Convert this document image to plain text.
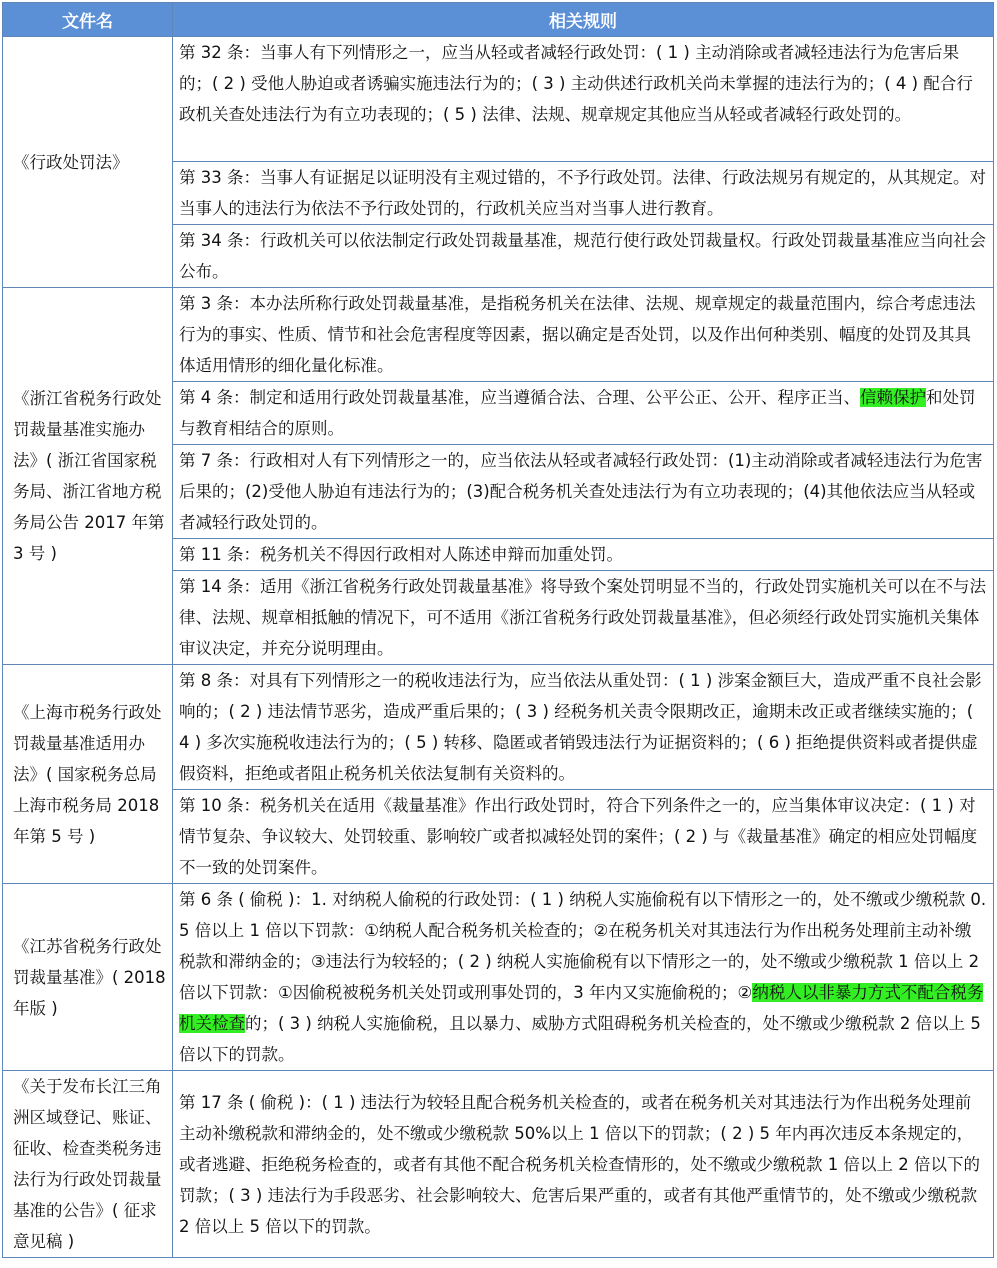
文件名	相关规则
《行政处罚法》	第 32 条：当事人有下列情形之一，应当从轻或者减轻行政处罚：( 1 ) 主动消除或者减轻违法行为危害后果的；( 2 ) 受他人胁迫或者诱骗实施违法行为的；( 3 ) 主动供述行政机关尚未掌握的违法行为的；( 4 ) 配合行政机关查处违法行为有立功表现的；( 5 ) 法律、法规、规章规定其他应当从轻或者减轻行政处罚的。
	第 33 条：当事人有证据足以证明没有主观过错的，不予行政处罚。法律、行政法规另有规定的，从其规定。对当事人的违法行为依法不予行政处罚的，行政机关应当对当事人进行教育。
	第 34 条：行政机关可以依法制定行政处罚裁量基准，规范行使行政处罚裁量权。行政处罚裁量基准应当向社会公布。
《浙江省税务行政处罚裁量基准实施办法》( 浙江省国家税务局、浙江省地方税务局公告 2017 年第 3 号 )	第 3 条：本办法所称行政处罚裁量基准，是指税务机关在法律、法规、规章规定的裁量范围内，综合考虑违法行为的事实、性质、情节和社会危害程度等因素，据以确定是否处罚，以及作出何种类别、幅度的处罚及其具体适用情形的细化量化标准。
	第 4 条：制定和适用行政处罚裁量基准，应当遵循合法、合理、公平公正、公开、程序正当、信赖保护和处罚与教育相结合的原则。
	第 7 条：行政相对人有下列情形之一的，应当依法从轻或者减轻行政处罚：(1)主动消除或者减轻违法行为危害后果的；(2)受他人胁迫有违法行为的；(3)配合税务机关查处违法行为有立功表现的；(4)其他依法应当从轻或者减轻行政处罚的。
	第 11 条：税务机关不得因行政相对人陈述申辩而加重处罚。
	第 14 条：适用《浙江省税务行政处罚裁量基准》将导致个案处罚明显不当的，行政处罚实施机关可以在不与法律、法规、规章相抵触的情况下，可不适用《浙江省税务行政处罚裁量基准》，但必须经行政处罚实施机关集体审议决定，并充分说明理由。
《上海市税务行政处罚裁量基准适用办法》( 国家税务总局上海市税务局 2018 年第 5 号 )	第 8 条：对具有下列情形之一的税收违法行为，应当依法从重处罚：( 1 ) 涉案金额巨大，造成严重不良社会影响的；( 2 ) 违法情节恶劣，造成严重后果的；( 3 ) 经税务机关责令限期改正，逾期未改正或者继续实施的；( 4 ) 多次实施税收违法行为的；( 5 ) 转移、隐匿或者销毁违法行为证据资料的；( 6 ) 拒绝提供资料或者提供虚假资料，拒绝或者阻止税务机关依法复制有关资料的。
	第 10 条：税务机关在适用《裁量基准》作出行政处罚时，符合下列条件之一的，应当集体审议决定：( 1 ) 对情节复杂、争议较大、处罚较重、影响较广或者拟减轻处罚的案件；( 2 ) 与《裁量基准》确定的相应处罚幅度不一致的处罚案件。
《江苏省税务行政处罚裁量基准》( 2018 年版 )	第 6 条 ( 偷税 )：1. 对纳税人偷税的行政处罚：( 1 ) 纳税人实施偷税有以下情形之一的，处不缴或少缴税款 0.5 倍以上 1 倍以下罚款：①纳税人配合税务机关检查的；②在税务机关对其违法行为作出税务处理前主动补缴税款和滞纳金的；③违法行为较轻的；( 2 ) 纳税人实施偷税有以下情形之一的，处不缴或少缴税款 1 倍以上 2 倍以下罚款：①因偷税被税务机关处罚或刑事处罚的，3 年内又实施偷税的；②纳税人以非暴力方式不配合税务机关检查的；( 3 ) 纳税人实施偷税，且以暴力、威胁方式阻碍税务机关检查的，处不缴或少缴税款 2 倍以上 5 倍以下的罚款。
《关于发布长江三角洲区域登记、账证、征收、检查类税务违法行为行政处罚裁量基准的公告》( 征求意见稿 )	第 17 条 ( 偷税 )：( 1 ) 违法行为较轻且配合税务机关检查的，或者在税务机关对其违法行为作出税务处理前主动补缴税款和滞纳金的，处不缴或少缴税款 50%以上 1 倍以下的罚款；( 2 ) 5 年内再次违反本条规定的，或者逃避、拒绝税务检查的，或者有其他不配合税务机关检查情形的，处不缴或少缴税款 1 倍以上 2 倍以下的罚款；( 3 ) 违法行为手段恶劣、社会影响较大、危害后果严重的，或者有其他严重情节的，处不缴或少缴税款 2 倍以上 5 倍以下的罚款。
